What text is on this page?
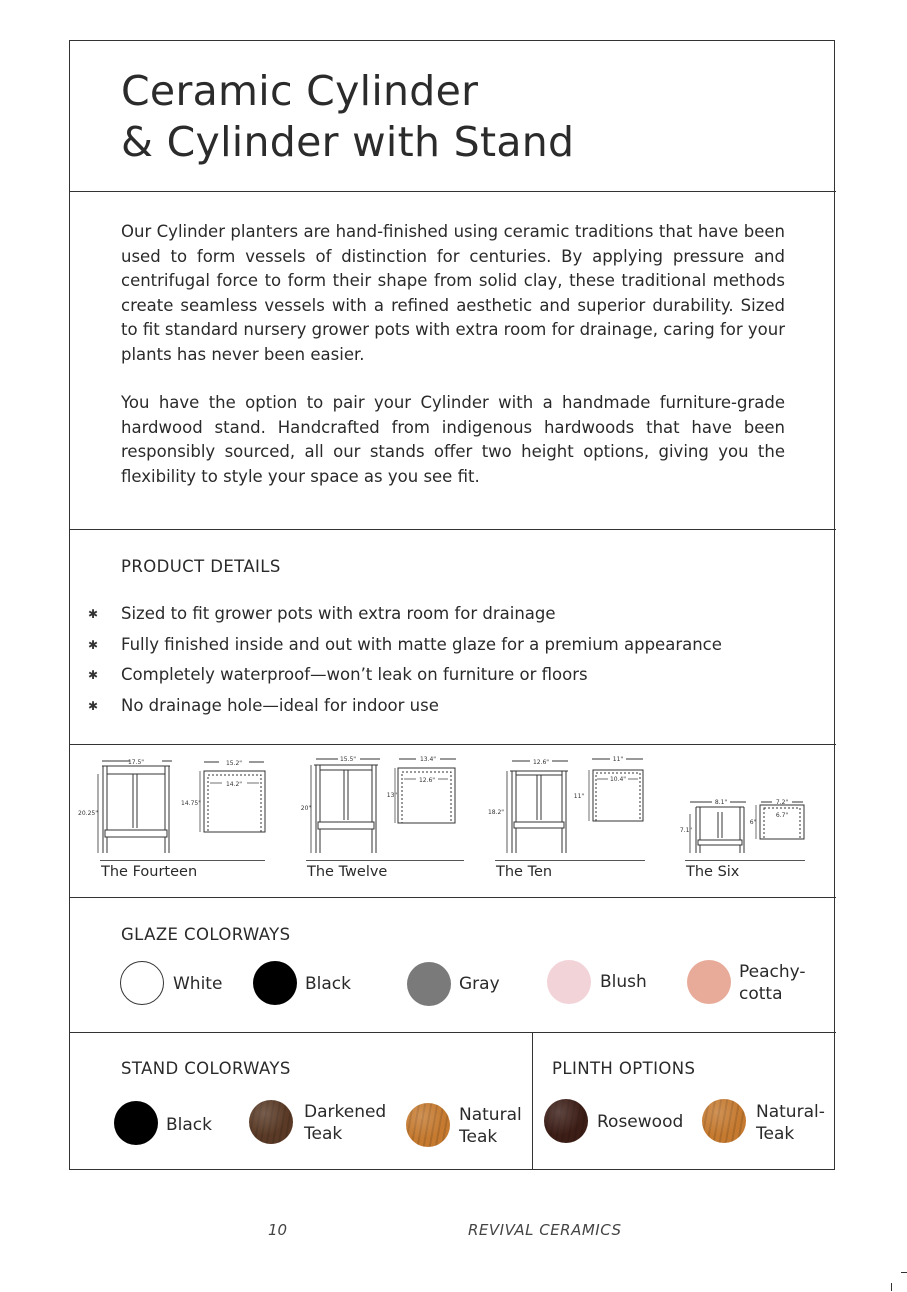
Ceramic Cylinder
& Cylinder with Stand

Our Cylinder planters are hand-finished using ceramic traditions that have been used to form vessels of distinction for centuries. By applying pressure and centrifugal force to form their shape from solid clay, these traditional methods create seamless vessels with a refined aesthetic and superior durability. Sized to fit standard nursery grower pots with extra room for drainage, caring for your plants has never been easier.

You have the option to pair your Cylinder with a handmade furniture-grade hardwood stand. Handcrafted from indigenous hardwoods that have been responsibly sourced, all our stands offer two height options, giving you the flexibility to style your space as you see fit.

PRODUCT DETAILS
✱ Sized to fit grower pots with extra room for drainage
✱ Fully finished inside and out with matte glaze for a premium appearance
✱ Completely waterproof—won’t leak on furniture or floors
✱ No drainage hole—ideal for indoor use
17.5"
20.25"
15.2"
14.2"
14.75"
The Fourteen
15.5"
20"
13.4"
12.6"
13"
The Twelve
12.6"
18.2"
11"
10.4"
11"
The Ten
8.1"
7.1"
7.2"
6.7"
6"
The Six
GLAZE COLORWAYS
White	Black	Gray	Blush	Peachy-
cotta
STAND COLORWAYS
Black
Darkened
Teak
Natural
Teak
PLINTH OPTIONS
Rosewood	Natural-
Teak
10	REVIVAL CERAMICS
